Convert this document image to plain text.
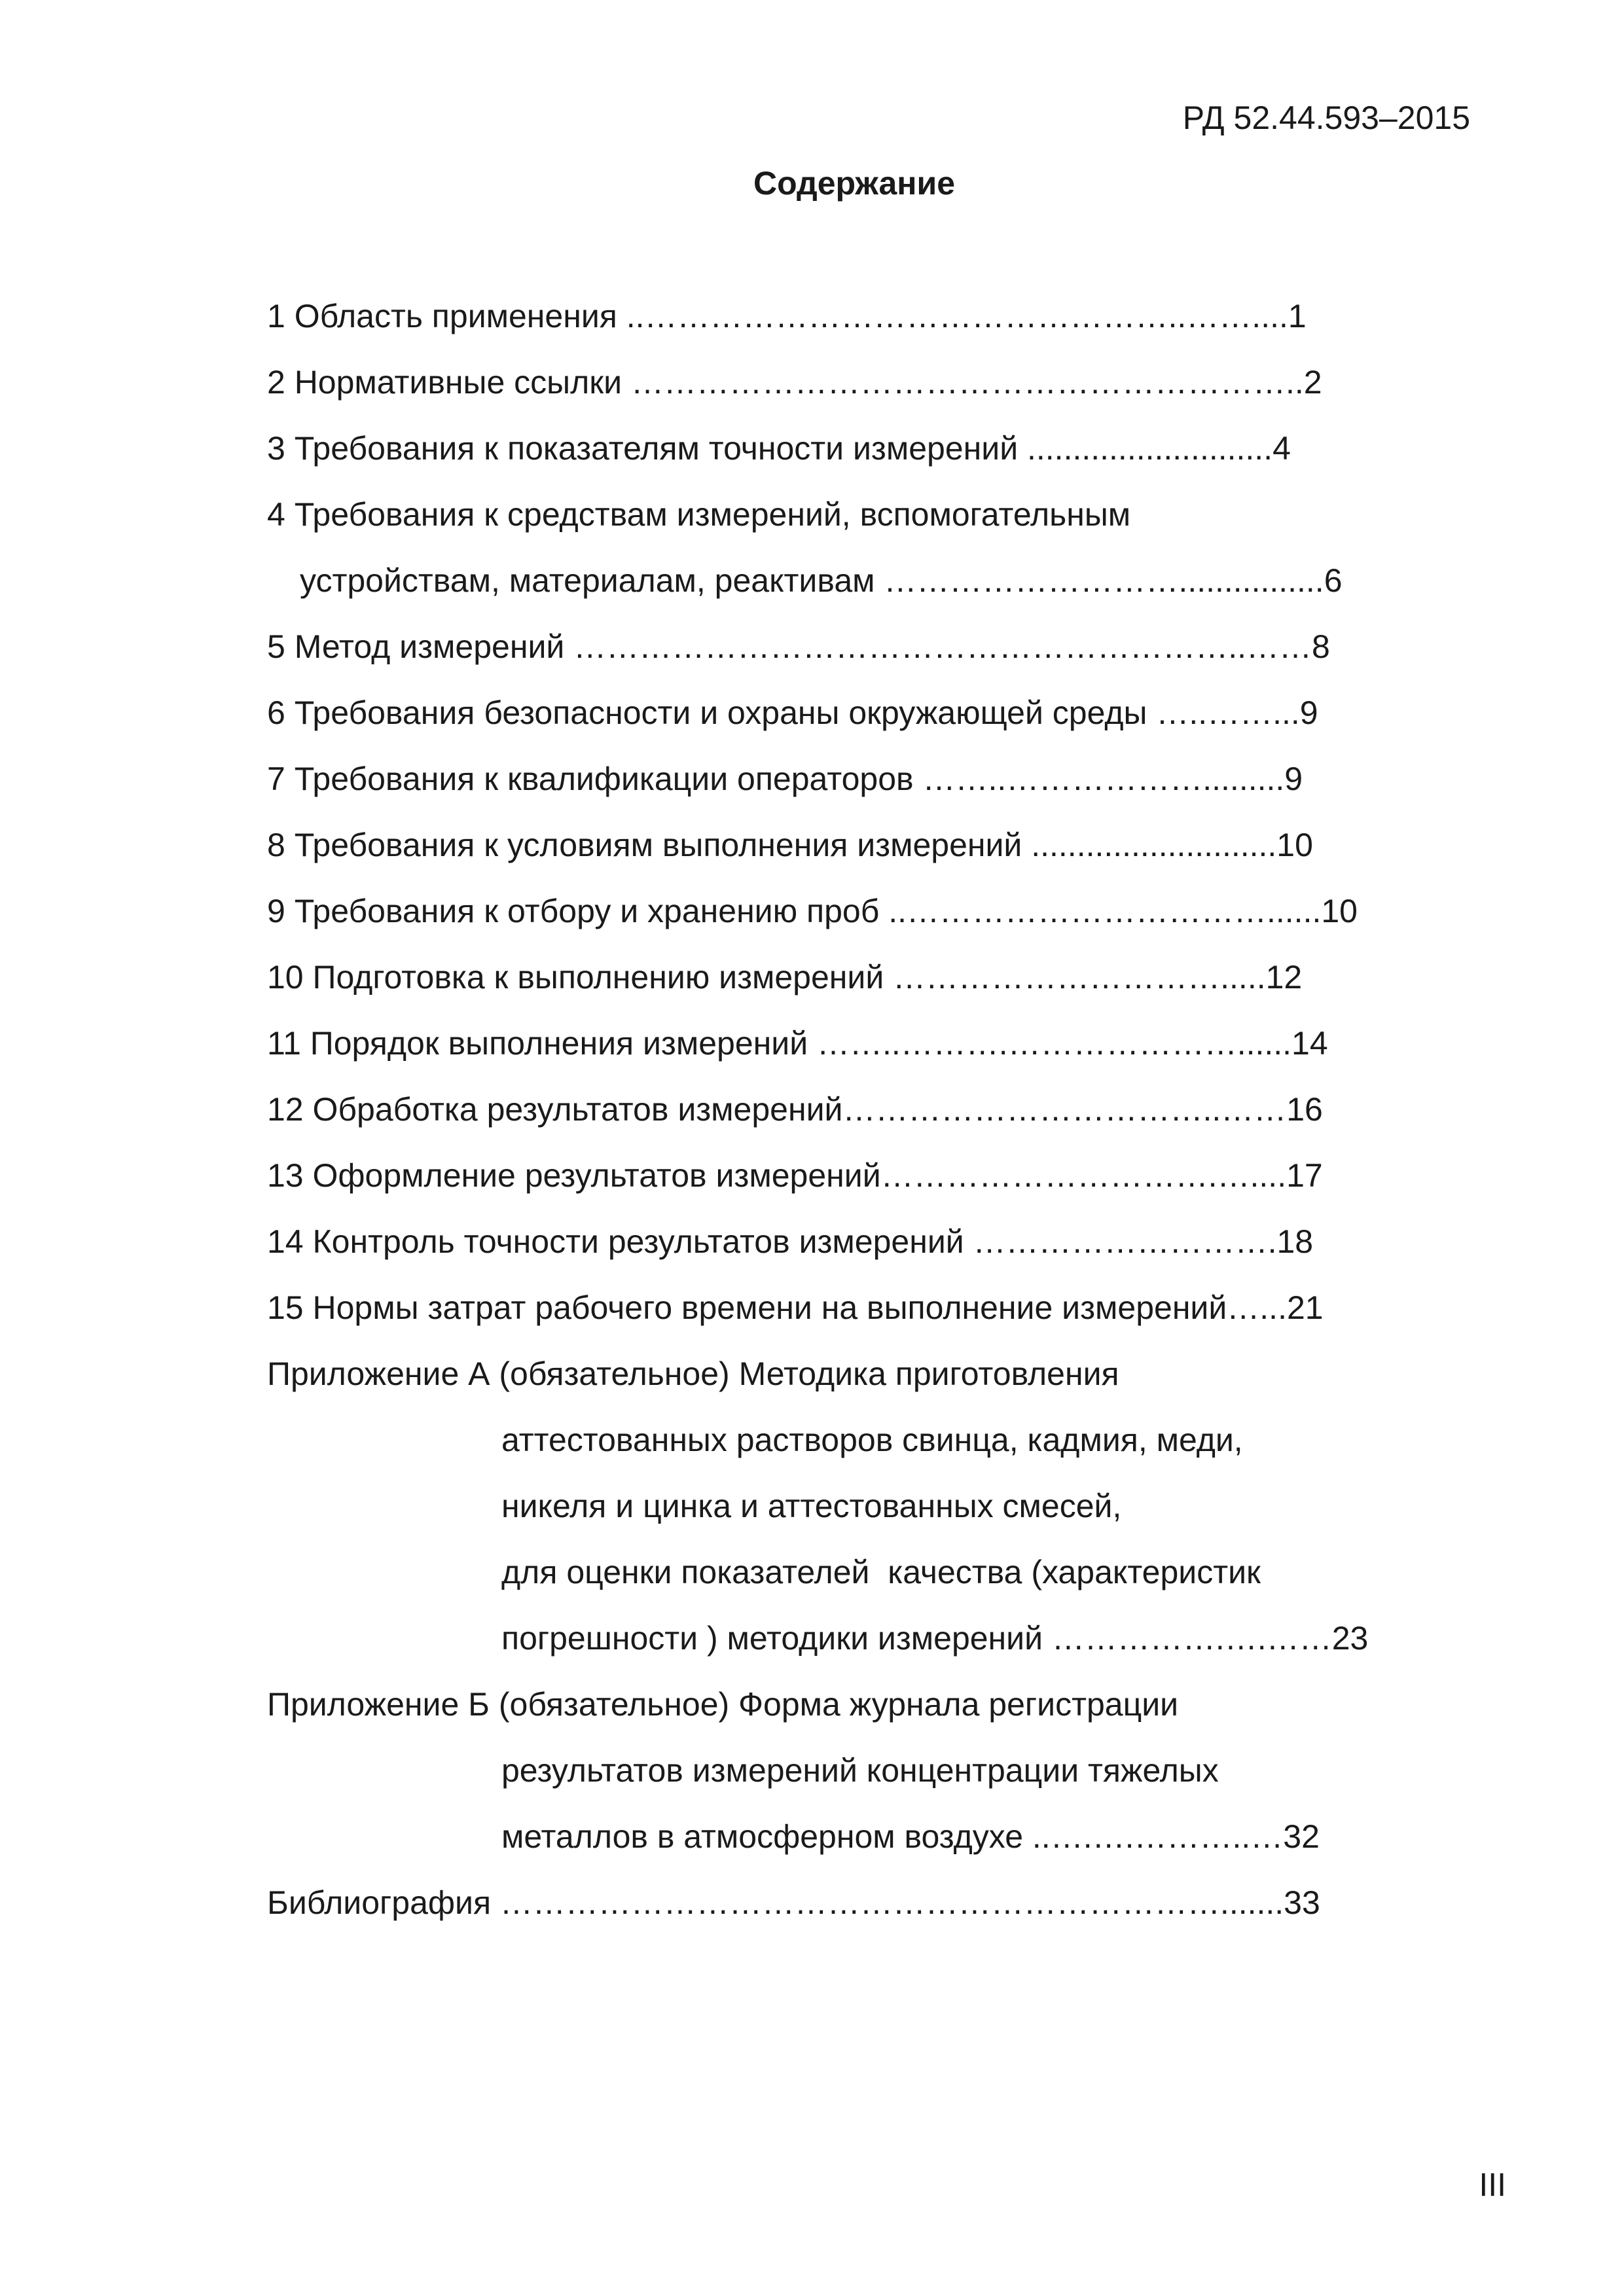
РД 52.44.593–2015
Содержание
1 Область применения ..…………………………………………..……....1
2 Нормативные ссылки ……………………………………………………..2
3 Требования к показателям точности измерений ...........................4
4 Требования к средствам измерений, вспомогательным
устройствам, материалам, реактивам ………………………................6
5 Метод измерений ……………………………………………………..……8
6 Требования безопасности и охраны окружающей среды …..……...9
7 Требования к квалификации операторов ……..……………….........9
8 Требования к условиям выполнения измерений ...........................10
9 Требования к отбору и хранению проб ..……………………………......10
10 Подготовка к выполнению измерений ………………………….....12
11 Порядок выполнения измерений ……..……….…………………......14
12 Обработка результатов измерений……………………………..……16
13 Оформление результатов измерений………………………….…....17
14 Контроль точности результатов измерений ……………………….18
15 Нормы затрат рабочего времени на выполнение измерений…...21
Приложение А (обязательное) Методика приготовления
аттестованных растворов свинца, кадмия, меди,
никеля и цинка и аттестованных смесей,
для оценки показателей  качества (характеристик
погрешности ) методики измерений …………….….……23
Приложение Б (обязательное) Форма журнала регистрации
результатов измерений концентрации тяжелых
металлов в атмосферном воздухе ..….….………..…32
Библиография ………………………………………………………….......33
III
